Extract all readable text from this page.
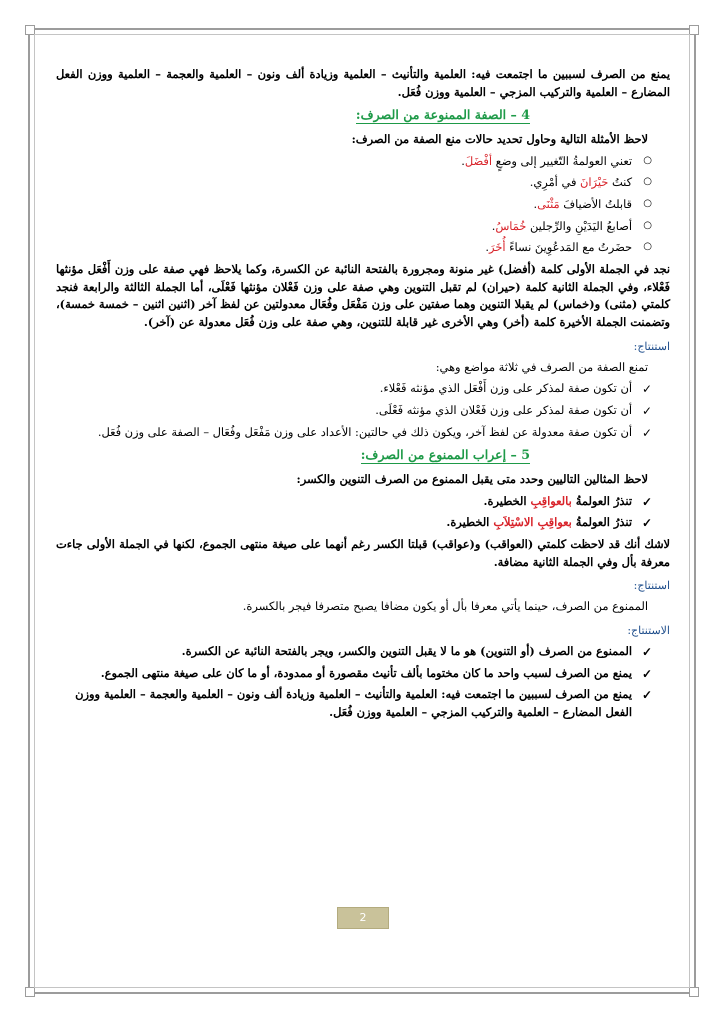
يمنع من الصرف لسببين ما اجتمعت فيه: العلمية والتأنيث – العلمية وزيادة ألف ونون – العلمية والعجمة – العلمية ووزن الفعل المضارع – العلمية والتركيب المزجي – العلمية ووزن فُعَل.

4 – الصفة الممنوعة من الصرف:

لاحظ الأمثلة التالية وحاول تحديد حالات منع الصفة من الصرف:

○ تعني العولمةُ التّغيير إلى وضعٍ أفْضَلَ.
○ كنتُ حَيْرَانَ في أمْرِي.
○ قابلتُ الأضيافَ مَثْنَى.
○ أصابعُ اليَدَيْنِ والرِّجلين خُمَاسُ.
○ حضَرتُ مع المَدعُوِينَ نساءً أُخَرَ.

نجد في الجملة الأولى كلمة (أفضل) غير منونة ومجرورة بالفتحة النائبة عن الكسرة، وكما يلاحظ فهي صفة على وزن أَفْعَل مؤنثها فَعْلاء، وفي الجملة الثانية كلمة (حيران) لم تقبل التنوين وهي صفة على وزن فَعْلان مؤنثها فَعْلَى، أما الجملة الثالثة والرابعة فنجد كلمتي (مثنى) و(خماس) لم يقبلا التنوين وهما صفتين على وزن مَفْعَل وفُعَال معدولتين عن لفظ آخر (اثنين اثنين – خمسة خمسة)، وتضمنت الجملة الأخيرة كلمة (أخر) وهي الأخرى غير قابلة للتنوين، وهي صفة على وزن فُعَل معدولة عن (آخر).

استنتاج:

تمنع الصفة من الصرف في ثلاثة مواضع وهي:

✓ أن تكون صفة لمذكر على وزن أَفْعَل الذي مؤنثه فَعْلاء.
✓ أن تكون صفة لمذكر على وزن فَعْلان الذي مؤنثه فَعْلَى.
✓ أن تكون صفة معدولة عن لفظ آخر، ويكون ذلك في حالتين: الأعداد على وزن مَفْعَل وفُعَال – الصفة على وزن فُعَل.
5 – إعراب الممنوع من الصرف:

لاحظ المثالين التاليين وحدد متى يقبل الممنوع من الصرف التنوين والكسر:

✓ تنذرُ العولمةُ بالعواقِبِ الخطيرة.
✓ تنذرُ العولمةُ بعواقِبِ الاسْتِلاَبِ الخطيرة.

لاشك أنك قد لاحظت كلمتي (العواقب) و(عواقب) قبلتا الكسر رغم أنهما على صيغة منتهى الجموع، لكنها في الجملة الأولى جاءت معرفة بأل وفي الجملة الثانية مضافة.

استنتاج:

الممنوع من الصرف، حينما يأتي معرفا بأل أو يكون مضافا يصبح متصرفا فيجر بالكسرة.

الاستنتاج:

✓ الممنوع من الصرف (أو التنوين) هو ما لا يقبل التنوين والكسر، ويجر بالفتحة النائبة عن الكسرة.
✓ يمنع من الصرف لسبب واحد ما كان مختوما بألف تأنيث مقصورة أو ممدودة، أو ما كان على صيغة منتهى الجموع.
✓ يمنع من الصرف لسببين ما اجتمعت فيه: العلمية والتأنيث – العلمية وزيادة ألف ونون – العلمية والعجمة – العلمية ووزن الفعل المضارع – العلمية والتركيب المزجي – العلمية ووزن فُعَل.
2
